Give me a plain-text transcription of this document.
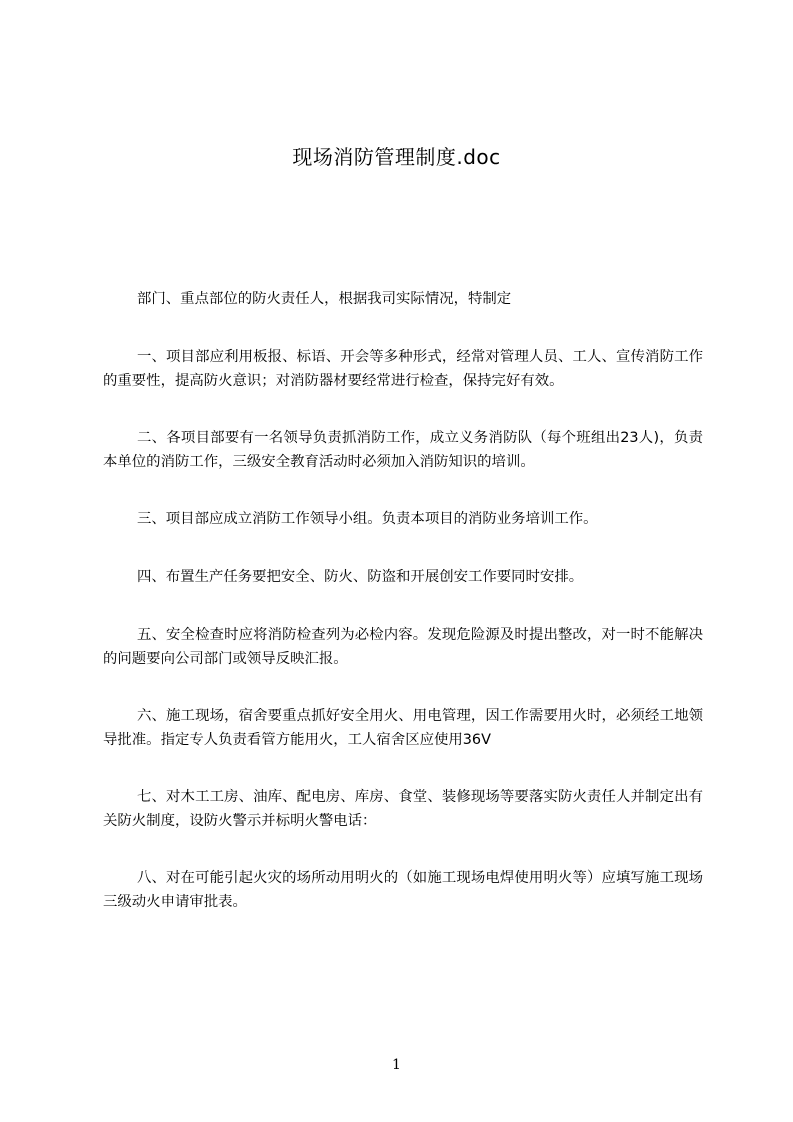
现场消防管理制度.doc

部门、重点部位的防火责任人，根据我司实际情况，特制定

一、项目部应利用板报、标语、开会等多种形式，经常对管理人员、工人、宣传消防工作的重要性，提高防火意识；对消防器材要经常进行检查，保持完好有效。

二、各项目部要有一名领导负责抓消防工作，成立义务消防队（每个班组出23人)，负责本单位的消防工作，三级安全教育活动时必须加入消防知识的培训。

三、项目部应成立消防工作领导小组。负责本项目的消防业务培训工作。

四、布置生产任务要把安全、防火、防盗和开展创安工作要同时安排。

五、安全检查时应将消防检查列为必检内容。发现危险源及时提出整改，对一时不能解决的问题要向公司部门或领导反映汇报。

六、施工现场，宿舍要重点抓好安全用火、用电管理，因工作需要用火时，必须经工地领导批准。指定专人负责看管方能用火，工人宿舍区应使用36V

七、对木工工房、油库、配电房、库房、食堂、装修现场等要落实防火责任人并制定出有关防火制度，设防火警示并标明火警电话：

八、对在可能引起火灾的场所动用明火的（如施工现场电焊使用明火等）应填写施工现场三级动火申请审批表。

1
